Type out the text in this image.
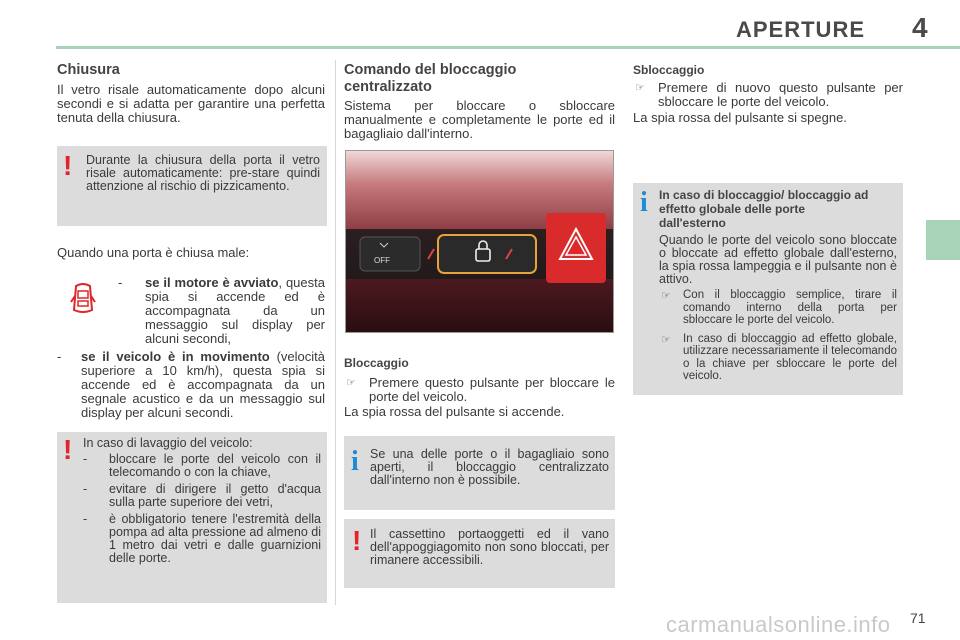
APERTURE 4
Chiusura

Il vetro risale automaticamente dopo alcuni secondi e si adatta per garantire una perfetta tenuta della chiusura.

! Durante la chiusura della porta il vetro risale automaticamente: pre-stare quindi attenzione al rischio di pizzicamento.

Quando una porta è chiusa male:

-	se il motore è avviato, questa spia si accende ed è accompagnata da un messaggio sul display per alcuni secondi,

-	se il veicolo è in movimento (velocità superiore a 10 km/h), questa spia si accende ed è accompagnata da un segnale acustico e da un messaggio sul display per alcuni secondi.

! In caso di lavaggio del veicolo:
-	bloccare le porte del veicolo con il telecomando o con la chiave,
-	evitare di dirigere il getto d'acqua sulla parte superiore dei vetri,
-	è obbligatorio tenere l'estremità della pompa ad alta pressione ad almeno di 1 metro dai vetri e dalle guarnizioni delle porte.
Comando del bloccaggio centralizzato

Sistema per bloccare o sbloccare manualmente e completamente le porte ed il bagagliaio dall'interno.

OFF
Bloccaggio
☞	Premere questo pulsante per bloccare le porte del veicolo.

La spia rossa del pulsante si accende.

i Se una delle porte o il bagagliaio sono aperti, il bloccaggio centralizzato dall'interno non è possibile.
! Il cassettino portaoggetti ed il vano dell'appoggiagomito non sono bloccati, per rimanere accessibili.
Sbloccaggio
☞	Premere di nuovo questo pulsante per sbloccare le porte del veicolo.

La spia rossa del pulsante si spegne.

i In caso di bloccaggio/ bloccaggio ad effetto globale delle porte dall'esterno
Quando le porte del veicolo sono bloccate o bloccate ad effetto globale dall'esterno, la spia rossa lampeggia e il pulsante non è attivo.
☞	Con il bloccaggio semplice, tirare il comando interno della porta per sbloccare le porte del veicolo.
☞	In caso di bloccaggio ad effetto globale, utilizzare necessariamente il telecomando o la chiave per sbloccare le porte del veicolo.
carmanualsonline.info 71
